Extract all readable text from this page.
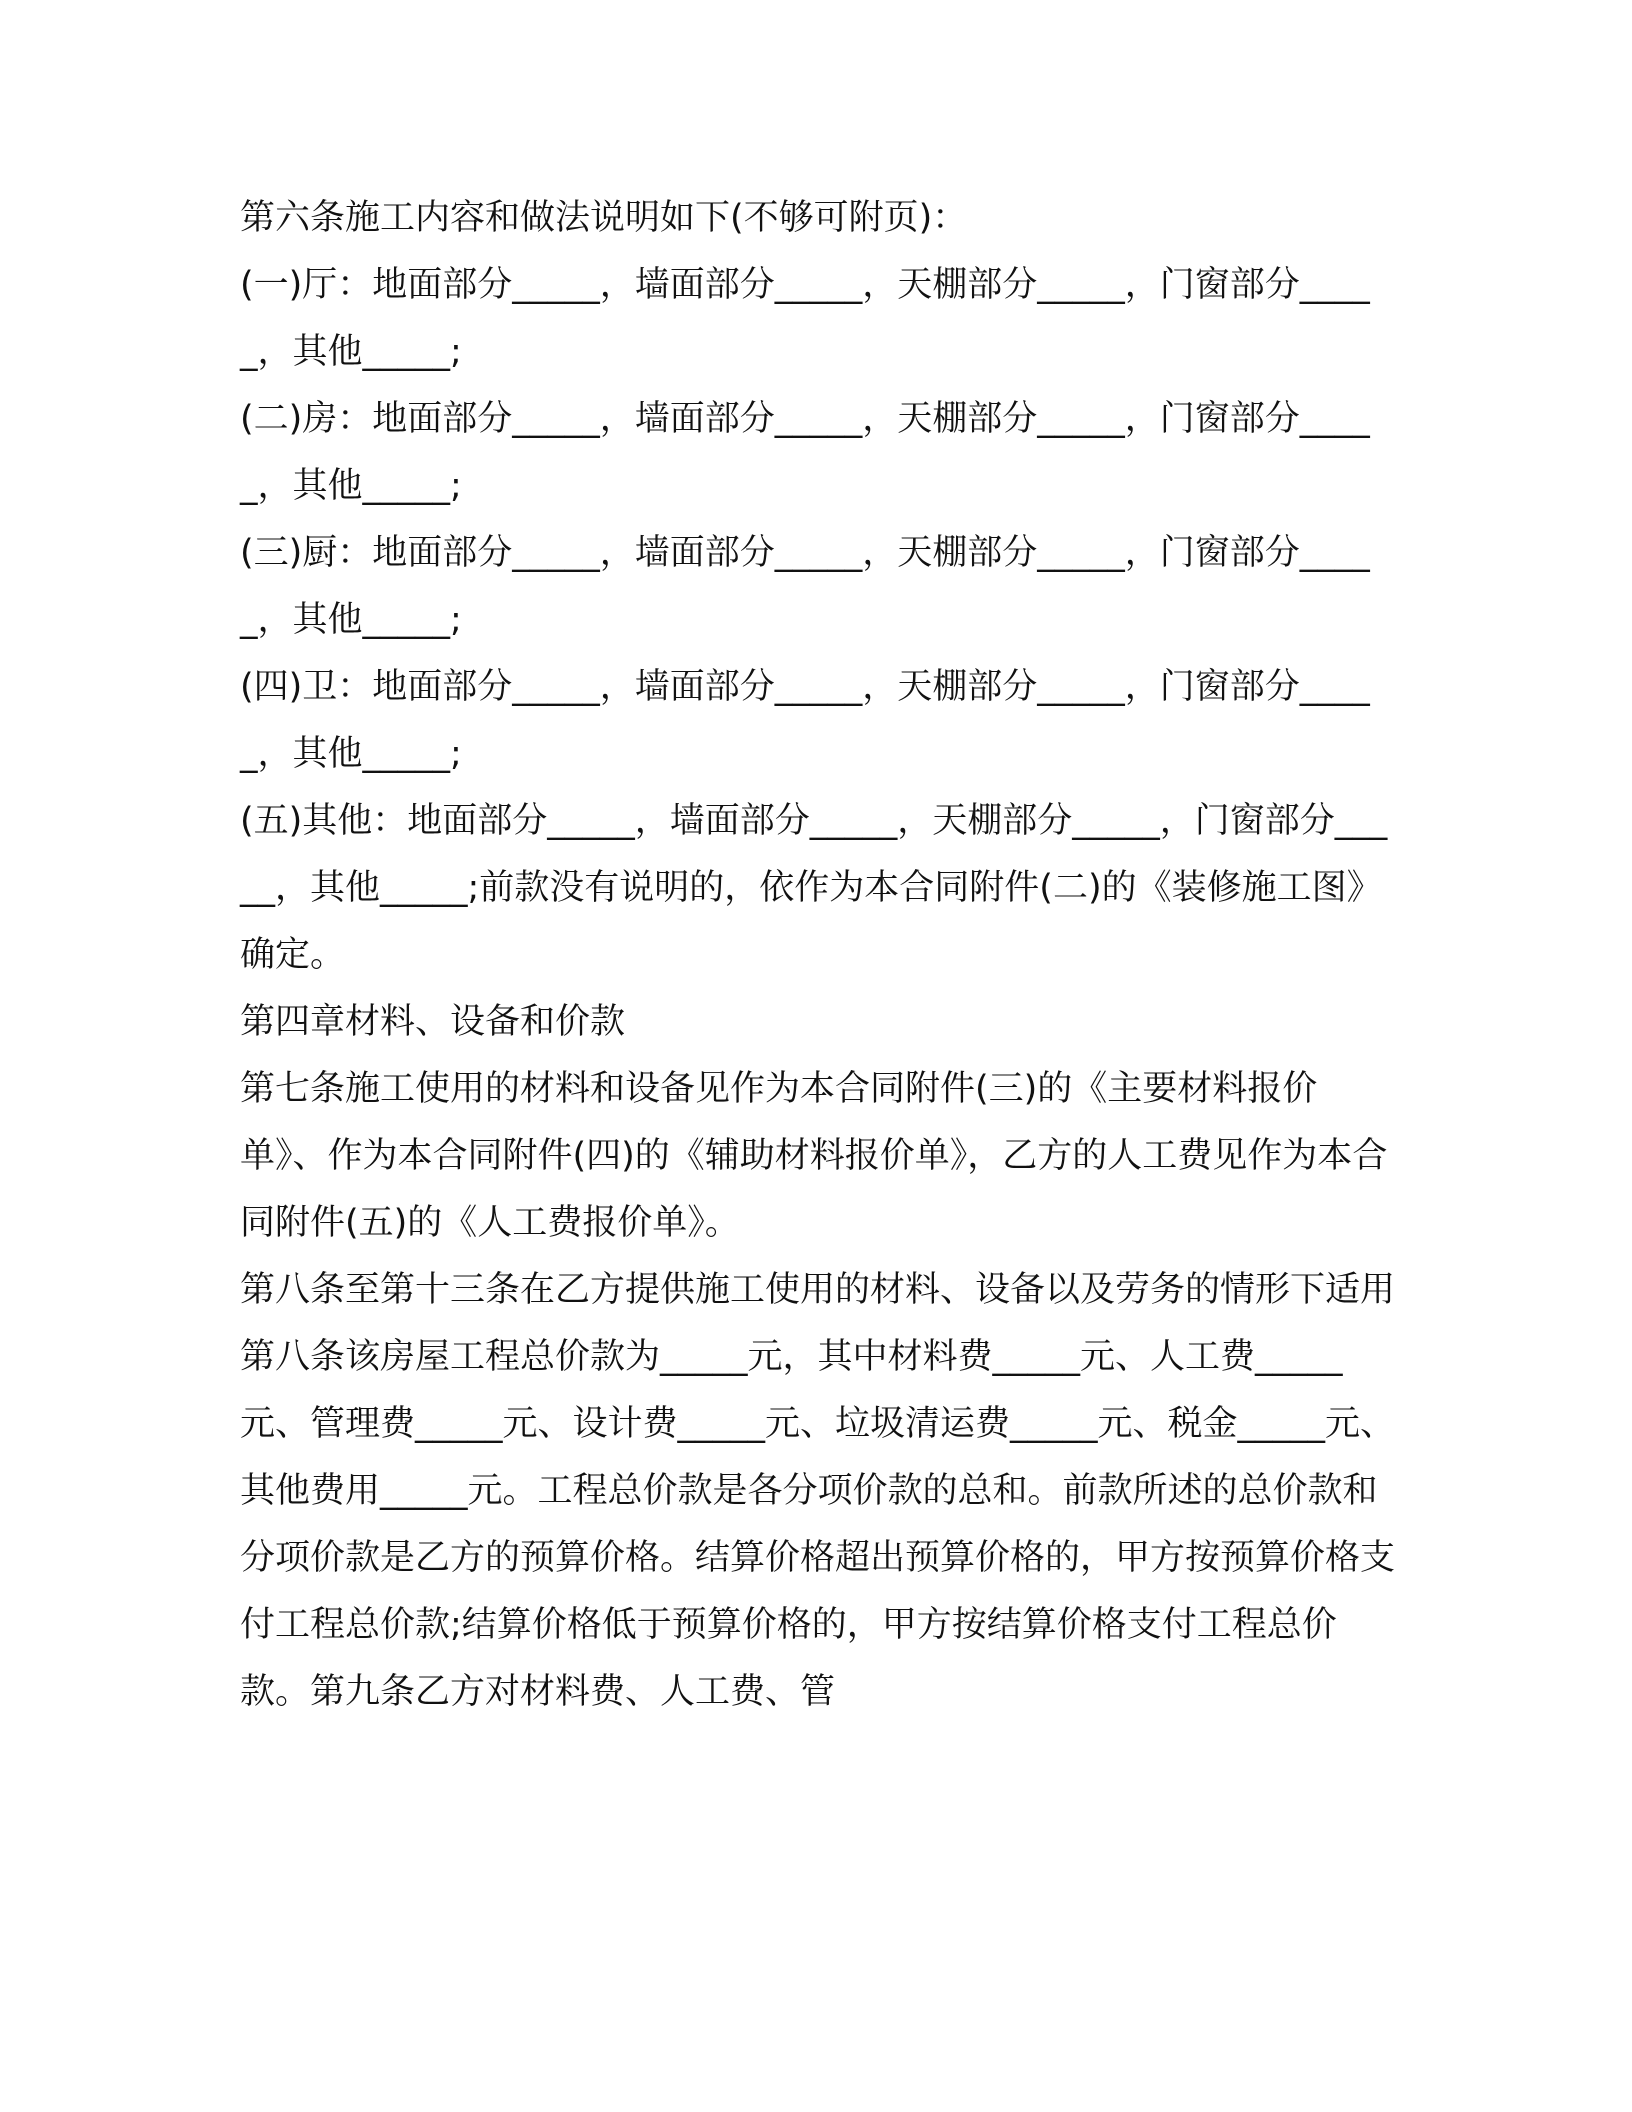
第六条施工内容和做法说明如下(不够可附页)：

(一)厅：地面部分_____，墙面部分_____，天棚部分_____，门窗部分_____，其他_____;

(二)房：地面部分_____，墙面部分_____，天棚部分_____，门窗部分_____，其他_____;

(三)厨：地面部分_____，墙面部分_____，天棚部分_____，门窗部分_____，其他_____;

(四)卫：地面部分_____，墙面部分_____，天棚部分_____，门窗部分_____，其他_____;

(五)其他：地面部分_____，墙面部分_____，天棚部分_____，门窗部分_____，其他_____;前款没有说明的，依作为本合同附件(二)的《装修施工图》确定。

第四章材料、设备和价款

第七条施工使用的材料和设备见作为本合同附件(三)的《主要材料报价单》、作为本合同附件(四)的《辅助材料报价单》，乙方的人工费见作为本合同附件(五)的《人工费报价单》。

第八条至第十三条在乙方提供施工使用的材料、设备以及劳务的情形下适用

第八条该房屋工程总价款为_____元，其中材料费_____元、人工费_____元、管理费_____元、设计费_____元、垃圾清运费_____元、税金_____元、其他费用_____元。工程总价款是各分项价款的总和。前款所述的总价款和分项价款是乙方的预算价格。结算价格超出预算价格的，甲方按预算价格支付工程总价款;结算价格低于预算价格的，甲方按结算价格支付工程总价款。第九条乙方对材料费、人工费、管
